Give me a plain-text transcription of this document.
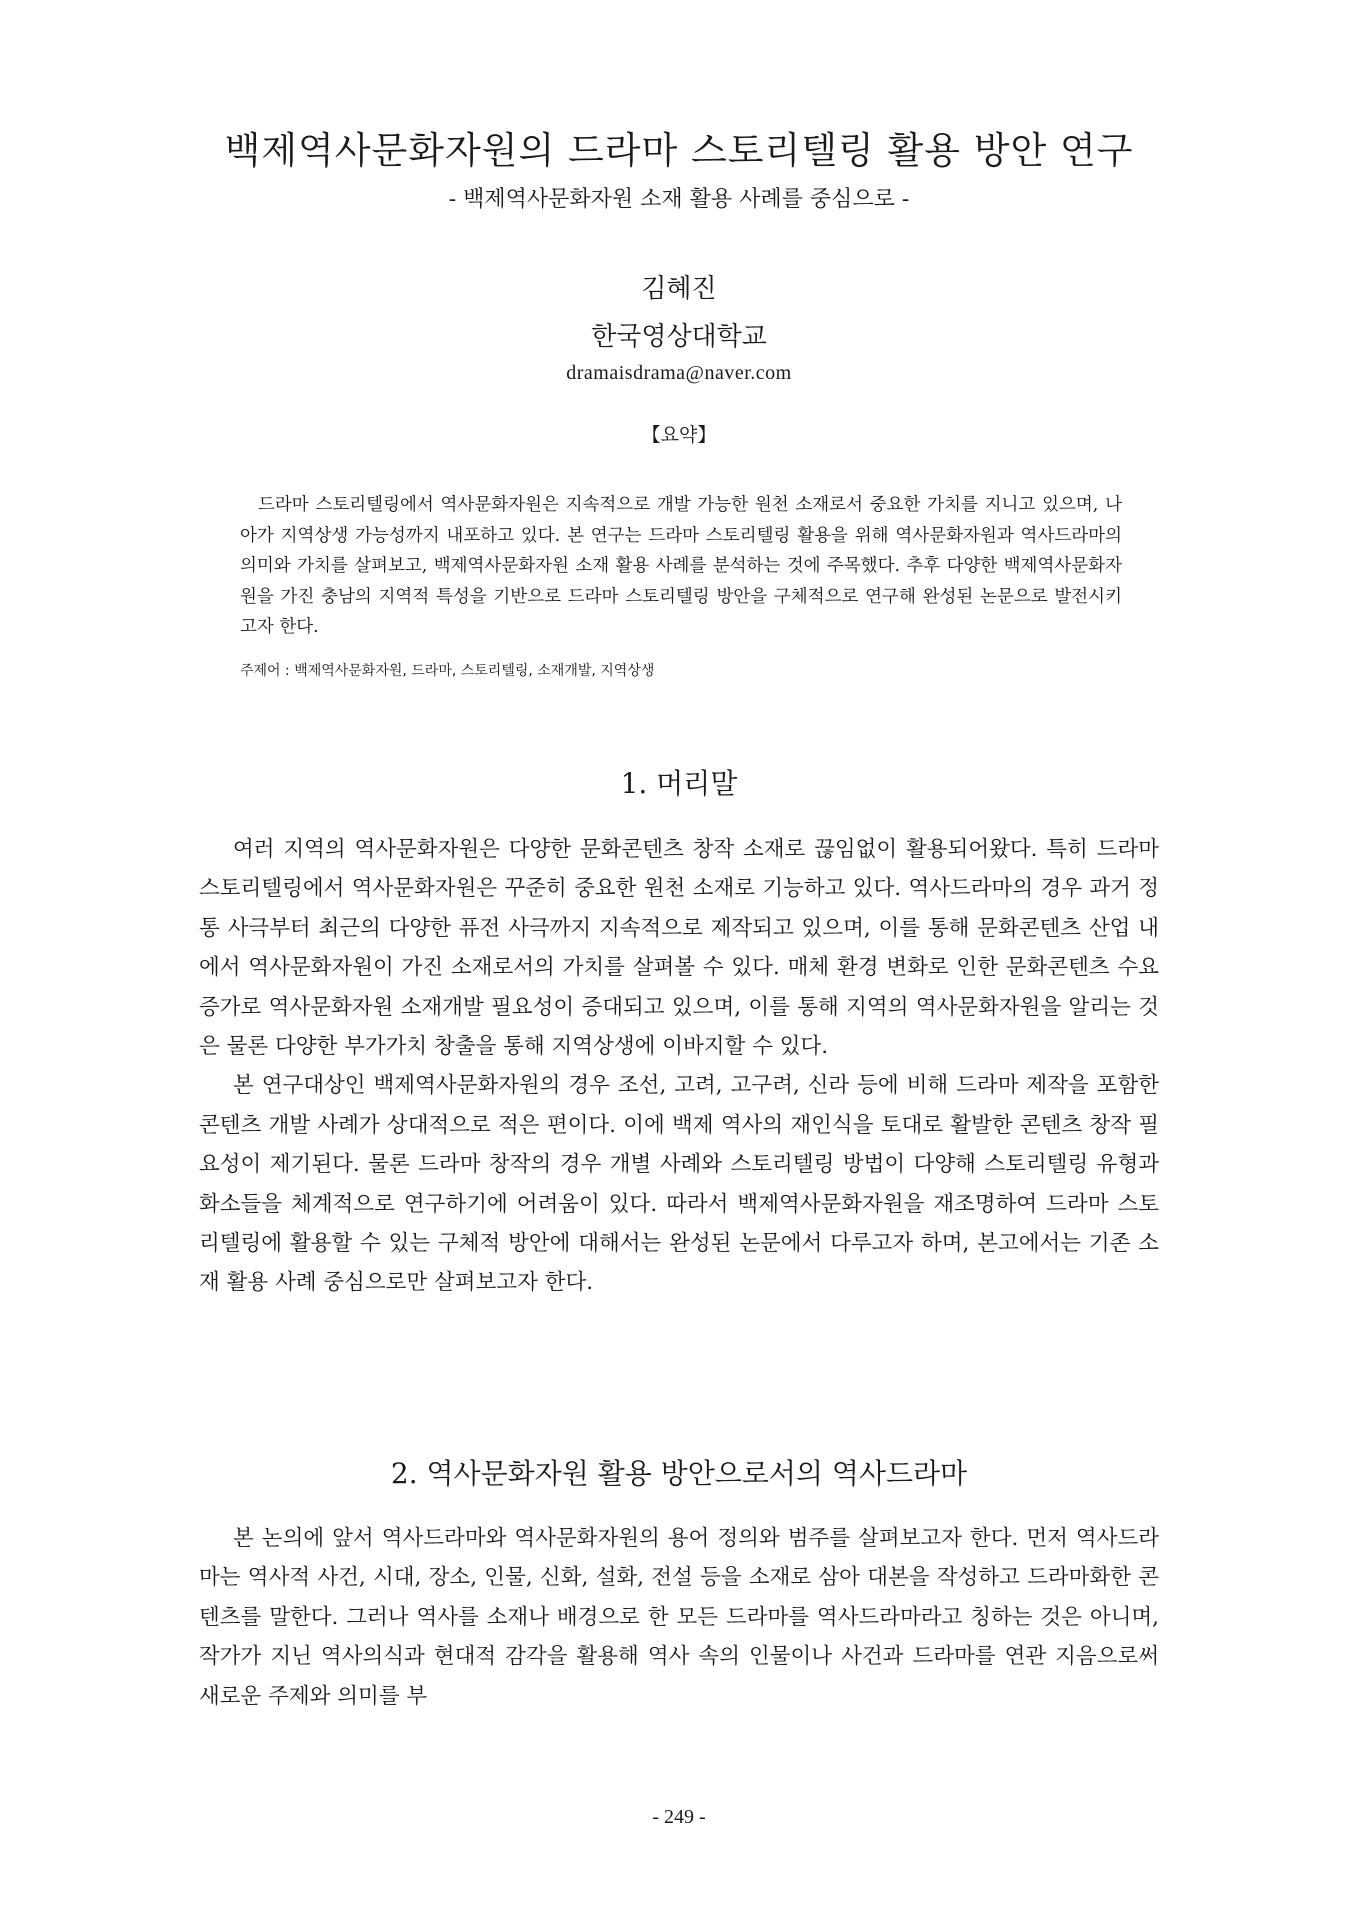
백제역사문화자원의 드라마 스토리텔링 활용 방안 연구
- 백제역사문화자원 소재 활용 사례를 중심으로 -
김혜진
한국영상대학교
dramaisdrama@naver.com
【요약】
드라마 스토리텔링에서 역사문화자원은 지속적으로 개발 가능한 원천 소재로서 중요한 가치를 지니고 있으며, 나아가 지역상생 가능성까지 내포하고 있다. 본 연구는 드라마 스토리텔링 활용을 위해 역사문화자원과 역사드라마의 의미와 가치를 살펴보고, 백제역사문화자원 소재 활용 사례를 분석하는 것에 주목했다. 추후 다양한 백제역사문화자원을 가진 충남의 지역적 특성을 기반으로 드라마 스토리텔링 방안을 구체적으로 연구해 완성된 논문으로 발전시키고자 한다.
주제어 : 백제역사문화자원, 드라마, 스토리텔링, 소재개발, 지역상생
1. 머리말

여러 지역의 역사문화자원은 다양한 문화콘텐츠 창작 소재로 끊임없이 활용되어왔다. 특히 드라마 스토리텔링에서 역사문화자원은 꾸준히 중요한 원천 소재로 기능하고 있다. 역사드라마의 경우 과거 정통 사극부터 최근의 다양한 퓨전 사극까지 지속적으로 제작되고 있으며, 이를 통해 문화콘텐츠 산업 내에서 역사문화자원이 가진 소재로서의 가치를 살펴볼 수 있다. 매체 환경 변화로 인한 문화콘텐츠 수요 증가로 역사문화자원 소재개발 필요성이 증대되고 있으며, 이를 통해 지역의 역사문화자원을 알리는 것은 물론 다양한 부가가치 창출을 통해 지역상생에 이바지할 수 있다.

본 연구대상인 백제역사문화자원의 경우 조선, 고려, 고구려, 신라 등에 비해 드라마 제작을 포함한 콘텐츠 개발 사례가 상대적으로 적은 편이다. 이에 백제 역사의 재인식을 토대로 활발한 콘텐츠 창작 필요성이 제기된다. 물론 드라마 창작의 경우 개별 사례와 스토리텔링 방법이 다양해 스토리텔링 유형과 화소들을 체계적으로 연구하기에 어려움이 있다. 따라서 백제역사문화자원을 재조명하여 드라마 스토리텔링에 활용할 수 있는 구체적 방안에 대해서는 완성된 논문에서 다루고자 하며, 본고에서는 기존 소재 활용 사례 중심으로만 살펴보고자 한다.

2. 역사문화자원 활용 방안으로서의 역사드라마

본 논의에 앞서 역사드라마와 역사문화자원의 용어 정의와 범주를 살펴보고자 한다. 먼저 역사드라마는 역사적 사건, 시대, 장소, 인물, 신화, 설화, 전설 등을 소재로 삼아 대본을 작성하고 드라마화한 콘텐츠를 말한다. 그러나 역사를 소재나 배경으로 한 모든 드라마를 역사드라마라고 칭하는 것은 아니며, 작가가 지닌 역사의식과 현대적 감각을 활용해 역사 속의 인물이나 사건과 드라마를 연관 지음으로써 새로운 주제와 의미를 부

- 249 -
